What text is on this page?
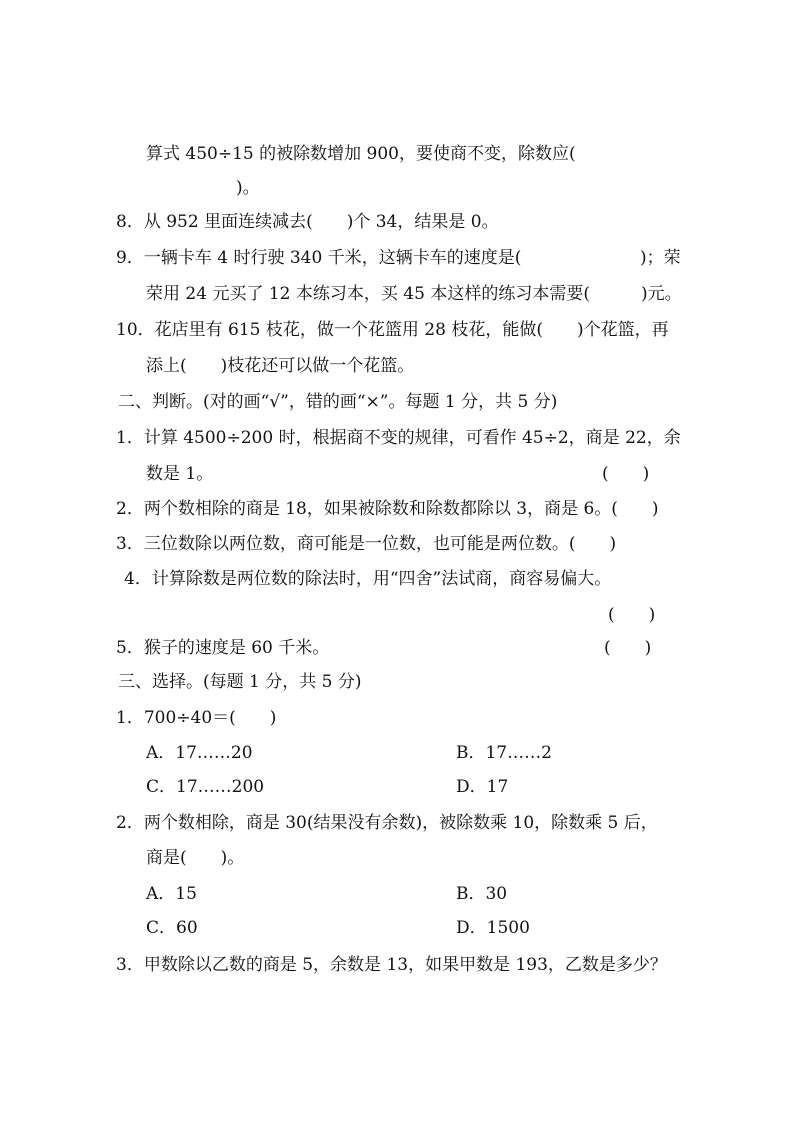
算式 450÷15 的被除数增加 900，要使商不变，除数应(
)。
8．从 952 里面连续减去(　　)个 34，结果是 0。
9．一辆卡车 4 时行驶 340 千米，这辆卡车的速度是(	)；荣
荣用 24 元买了 12 本练习本，买 45 本这样的练习本需要(　　　)元。
10．花店里有 615 枝花，做一个花篮用 28 枝花，能做(　　)个花篮，再
添上(　　)枝花还可以做一个花篮。
二、判断。(对的画“√”，错的画“×”。每题 1 分，共 5 分)
1．计算 4500÷200 时，根据商不变的规律，可看作 45÷2，商是 22，余
数是 1。	(　　)
2．两个数相除的商是 18，如果被除数和除数都除以 3，商是 6。(　　)
3．三位数除以两位数，商可能是一位数，也可能是两位数。(　　)
4．计算除数是两位数的除法时，用“四舍”法试商，商容易偏大。
(　　)
5．猴子的速度是 60 千米。	(　　)
三、选择。(每题 1 分，共 5 分)
1．700÷40＝(　　)
A．17……20	B．17……2
C．17……200	D．17
2．两个数相除，商是 30(结果没有余数)，被除数乘 10，除数乘 5 后，
商是(　　)。
A．15	B．30
C．60	D．1500
3．甲数除以乙数的商是 5，余数是 13，如果甲数是 193，乙数是多少？
